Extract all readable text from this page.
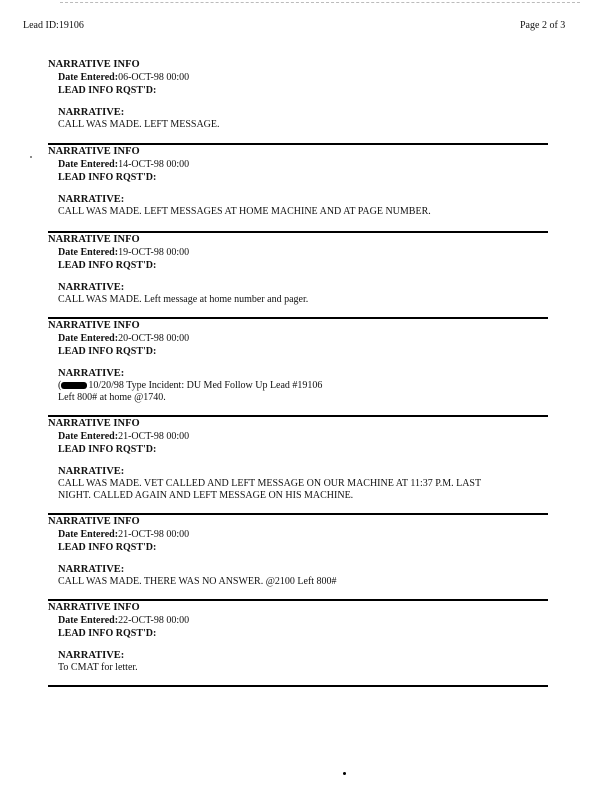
Lead ID:19106	Page 2 of 3
NARRATIVE INFO
Date Entered:06-OCT-98 00:00
LEAD INFO RQST'D:
NARRATIVE:
CALL WAS MADE. LEFT MESSAGE.
NARRATIVE INFO
Date Entered:14-OCT-98 00:00
LEAD INFO RQST'D:
NARRATIVE:
CALL WAS MADE. LEFT MESSAGES AT HOME MACHINE AND AT PAGE NUMBER.
NARRATIVE INFO
Date Entered:19-OCT-98 00:00
LEAD INFO RQST'D:
NARRATIVE:
CALL WAS MADE. Left message at home number and pager.
NARRATIVE INFO
Date Entered:20-OCT-98 00:00
LEAD INFO RQST'D:
NARRATIVE:
(	10/20/98 Type Incident: DU Med Follow Up Lead #19106
Left 800# at home @1740.
NARRATIVE INFO
Date Entered:21-OCT-98 00:00
LEAD INFO RQST'D:
NARRATIVE:
CALL WAS MADE. VET CALLED AND LEFT MESSAGE ON OUR MACHINE AT 11:37 P.M. LAST
NIGHT. CALLED AGAIN AND LEFT MESSAGE ON HIS MACHINE.
NARRATIVE INFO
Date Entered:21-OCT-98 00:00
LEAD INFO RQST'D:
NARRATIVE:
CALL WAS MADE. THERE WAS NO ANSWER. @2100 Left 800#
NARRATIVE INFO
Date Entered:22-OCT-98 00:00
LEAD INFO RQST'D:
NARRATIVE:
To CMAT for letter.
